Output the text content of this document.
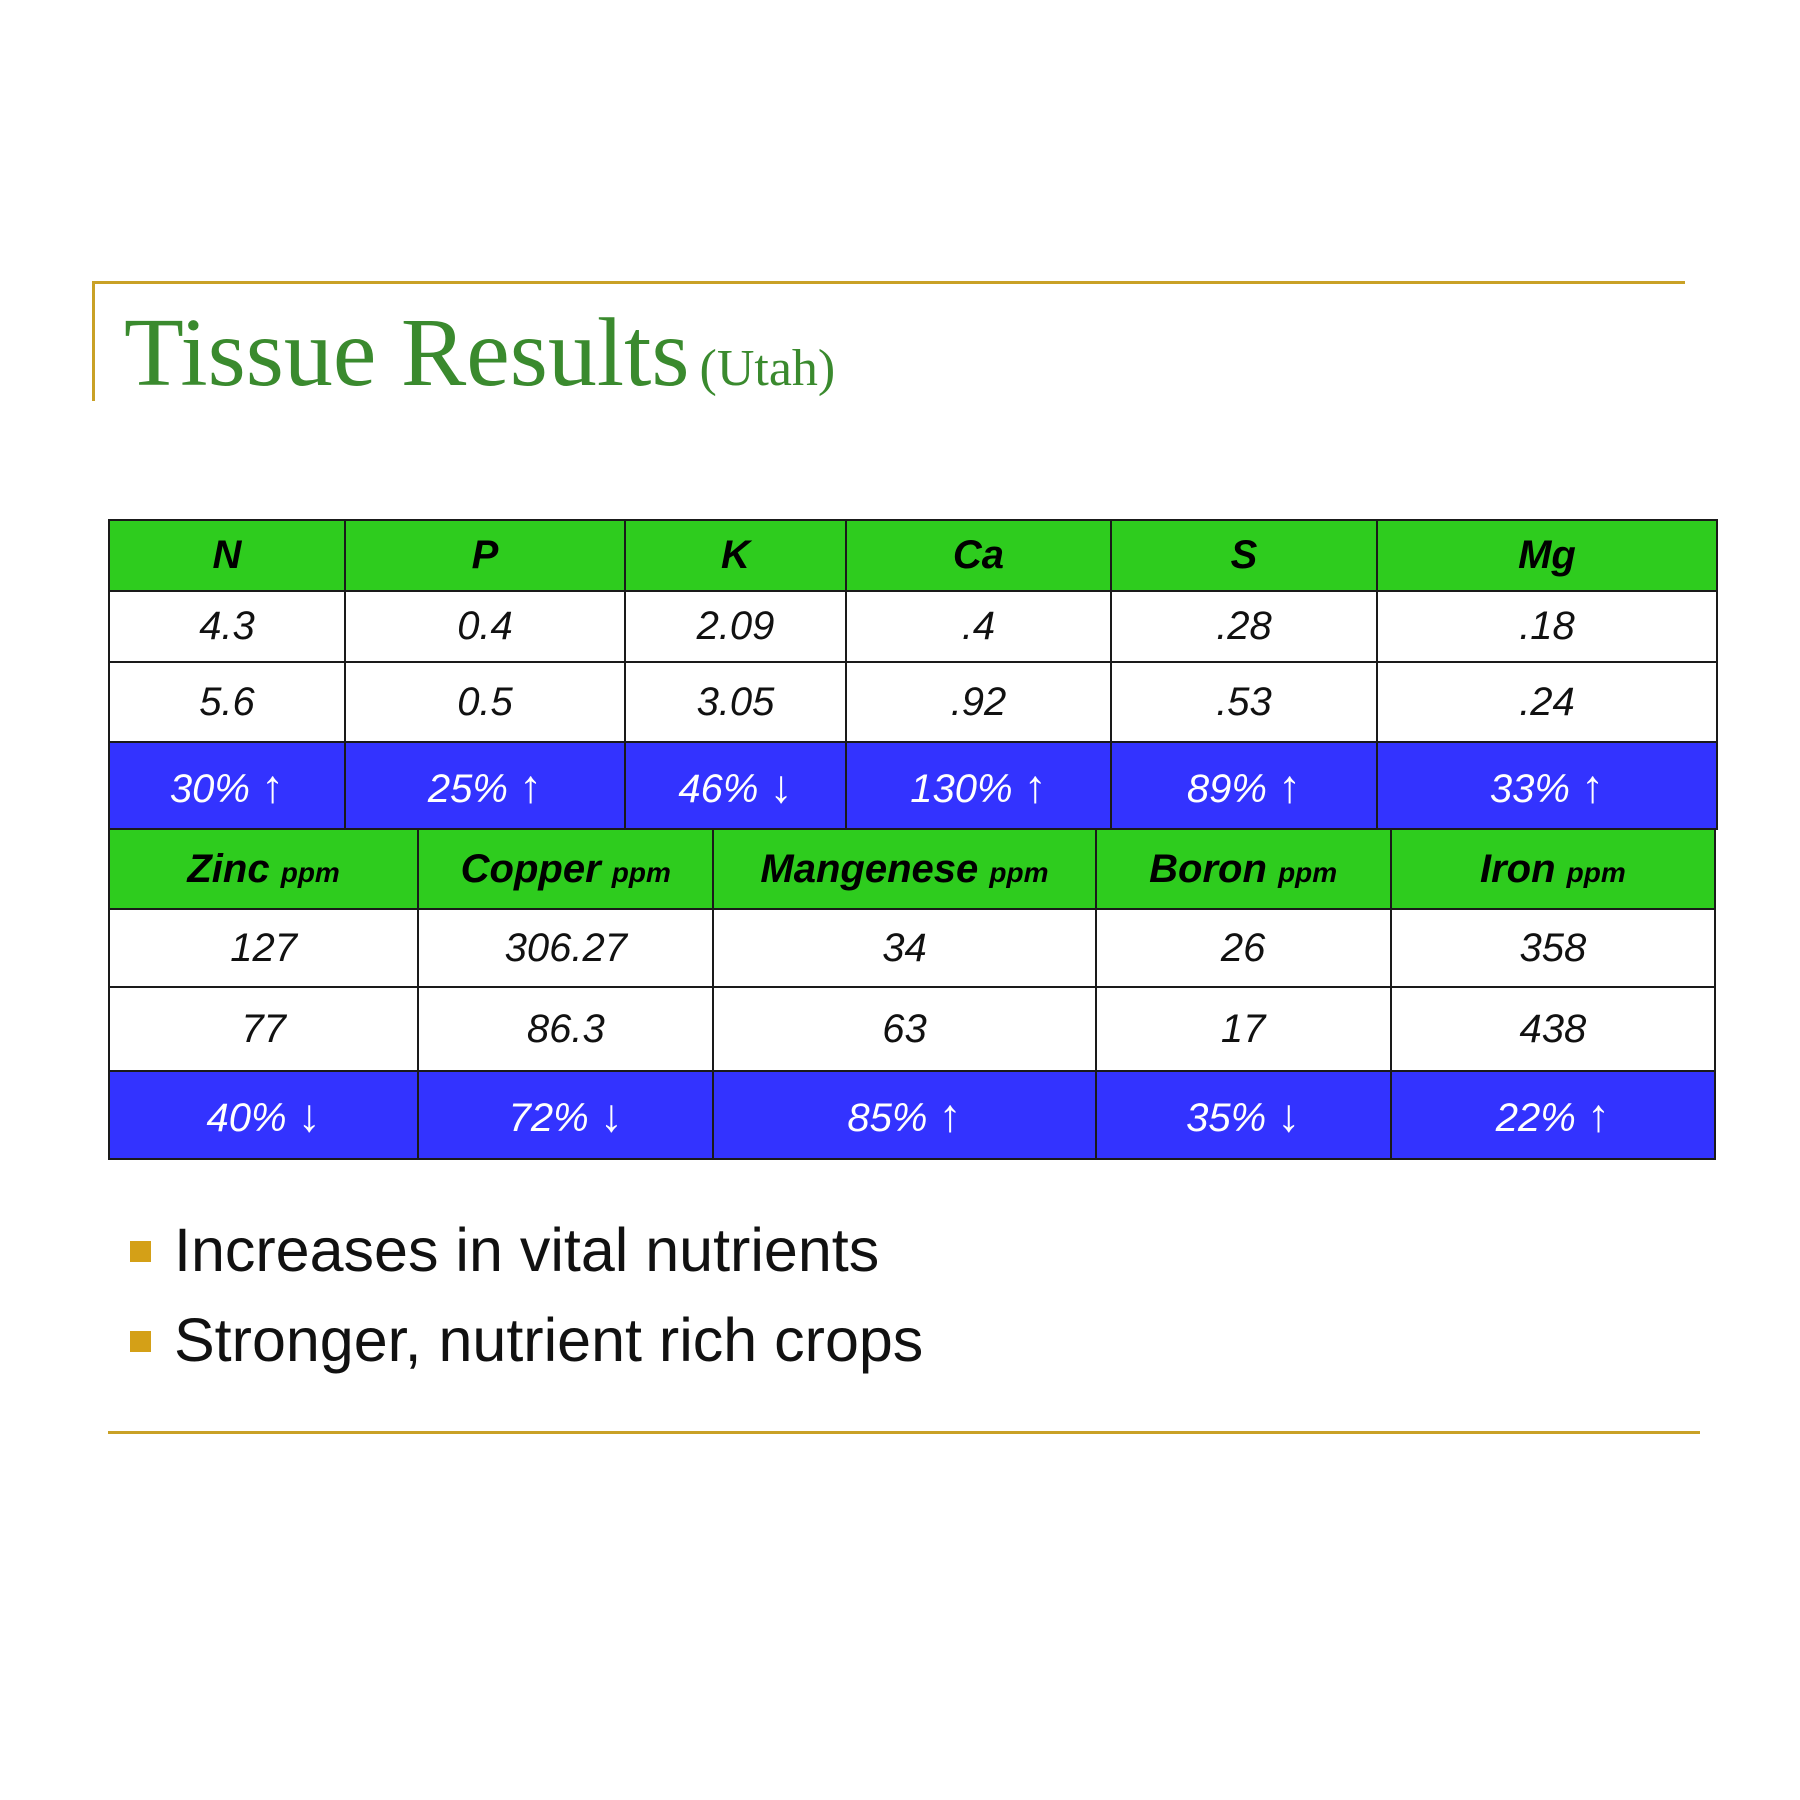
Tissue Results (Utah)
N	P	K	Ca	S	Mg
4.3	0.4	2.09	.4	.28	.18
5.6	0.5	3.05	.92	.53	.24
30% ↑	25% ↑	46% ↓	130% ↑	89% ↑	33% ↑
Zinc ppm	Copper ppm	Mangenese ppm	Boron ppm	Iron ppm
127	306.27	34	26	358
77	86.3	63	17	438
40% ↓	72% ↓	85% ↑	35% ↓	22% ↑
Increases in vital nutrients
Stronger, nutrient rich crops
